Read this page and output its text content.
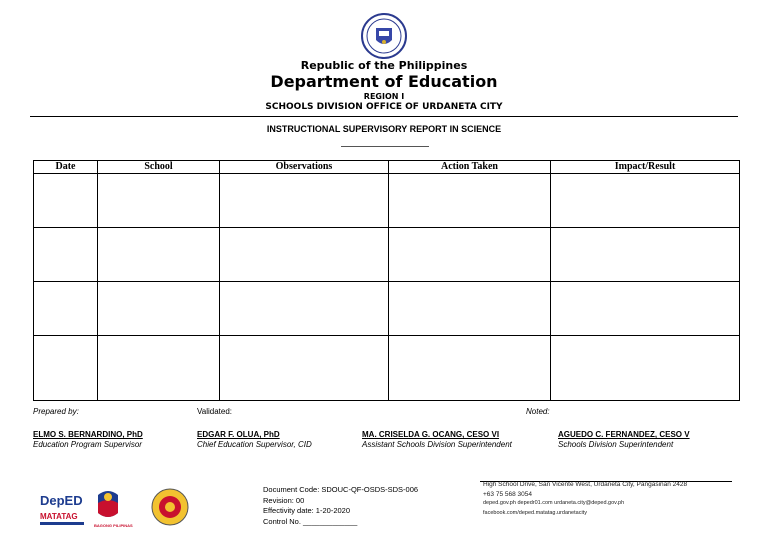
Republic of the Philippines
Department of Education
REGION I
SCHOOLS DIVISION OFFICE OF URDANETA CITY
INSTRUCTIONAL SUPERVISORY REPORT IN SCIENCE
Date	School	Observations	Action Taken	Impact/Result

Prepared by:	Validated:	Noted:
ELMO S. BERNARDINO, PhD
Education Program Supervisor
EDGAR F. OLUA, PhD
Chief Education Supervisor, CID
MA. CRISELDA G. OCANG, CESO VI
Assistant Schools Division Superintendent
AGUEDO C. FERNANDEZ, CESO V
Schools Division Superintendent
DepED
MATATAG
BAGONG PILIPINAS
Document Code: SDOUC-QF-OSDS-SDS-006
Revision: 00
Effectivity date: 1-20-2020
Control No. _____________
High School Drive, San Vicente West, Urdaneta City, Pangasinan 2428
+63 75 568 3054
deped.gov.ph depedr01.com urdaneta.city@deped.gov.ph
facebook.com/deped.matatag.urdanetacity
